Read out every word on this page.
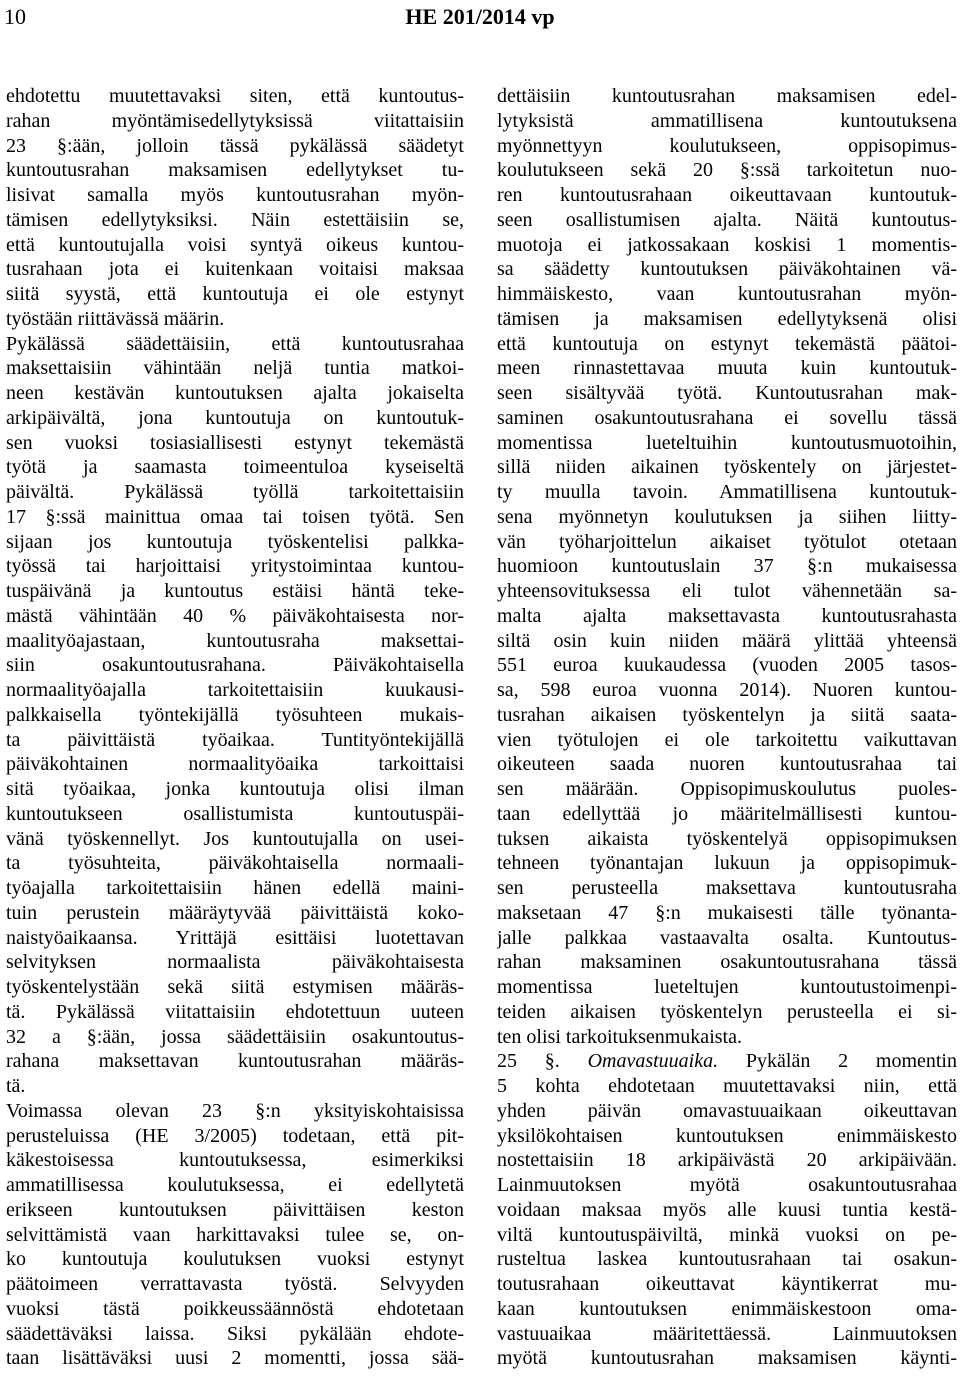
10	HE 201/2014 vp
ehdotettu muutettavaksi siten, että kuntoutus-
rahan myöntämisedellytyksissä viitattaisiin
23 §:ään, jolloin tässä pykälässä säädetyt
kuntoutusrahan maksamisen edellytykset tu-
lisivat samalla myös kuntoutusrahan myön-
tämisen edellytyksiksi. Näin estettäisiin se,
että kuntoutujalla voisi syntyä oikeus kuntou-
tusrahaan jota ei kuitenkaan voitaisi maksaa
siitä syystä, että kuntoutuja ei ole estynyt
työstään riittävässä määrin.
Pykälässä säädettäisiin, että kuntoutusrahaa
maksettaisiin vähintään neljä tuntia matkoi-
neen kestävän kuntoutuksen ajalta jokaiselta
arkipäivältä, jona kuntoutuja on kuntoutuk-
sen vuoksi tosiasiallisesti estynyt tekemästä
työtä ja saamasta toimeentuloa kyseiseltä
päivältä. Pykälässä työllä tarkoitettaisiin
17 §:ssä mainittua omaa tai toisen työtä. Sen
sijaan jos kuntoutuja työskentelisi palkka-
työssä tai harjoittaisi yritystoimintaa kuntou-
tuspäivänä ja kuntoutus estäisi häntä teke-
mästä vähintään 40 % päiväkohtaisesta nor-
maalityöajastaan, kuntoutusraha maksettai-
siin osakuntoutusrahana. Päiväkohtaisella
normaalityöajalla tarkoitettaisiin kuukausi-
palkkaisella työntekijällä työsuhteen mukais-
ta päivittäistä työaikaa. Tuntityöntekijällä
päiväkohtainen normaalityöaika tarkoittaisi
sitä työaikaa, jonka kuntoutuja olisi ilman
kuntoutukseen osallistumista kuntoutuspäi-
vänä työskennellyt. Jos kuntoutujalla on usei-
ta työsuhteita, päiväkohtaisella normaali-
työajalla tarkoitettaisiin hänen edellä maini-
tuin perustein määräytyvää päivittäistä koko-
naistyöaikaansa. Yrittäjä esittäisi luotettavan
selvityksen normaalista päiväkohtaisesta
työskentelystään sekä siitä estymisen määräs-
tä. Pykälässä viitattaisiin ehdotettuun uuteen
32 a §:ään, jossa säädettäisiin osakuntoutus-
rahana maksettavan kuntoutusrahan määräs-
tä.
Voimassa olevan 23 §:n yksityiskohtaisissa
perusteluissa (HE 3/2005) todetaan, että pit-
käkestoisessa kuntoutuksessa, esimerkiksi
ammatillisessa koulutuksessa, ei edellytetä
erikseen kuntoutuksen päivittäisen keston
selvittämistä vaan harkittavaksi tulee se, on-
ko kuntoutuja koulutuksen vuoksi estynyt
päätoimeen verrattavasta työstä. Selvyyden
vuoksi tästä poikkeussäännöstä ehdotetaan
säädettäväksi laissa. Siksi pykälään ehdote-
taan lisättäväksi uusi 2 momentti, jossa sää-
dettäisiin kuntoutusrahan maksamisen edel-
lytyksistä ammatillisena kuntoutuksena
myönnettyyn koulutukseen, oppisopimus-
koulutukseen sekä 20 §:ssä tarkoitetun nuo-
ren kuntoutusrahaan oikeuttavaan kuntoutuk-
seen osallistumisen ajalta. Näitä kuntoutus-
muotoja ei jatkossakaan koskisi 1 momentis-
sa säädetty kuntoutuksen päiväkohtainen vä-
himmäiskesto, vaan kuntoutusrahan myön-
tämisen ja maksamisen edellytyksenä olisi
että kuntoutuja on estynyt tekemästä päätoi-
meen rinnastettavaa muuta kuin kuntoutuk-
seen sisältyvää työtä. Kuntoutusrahan mak-
saminen osakuntoutusrahana ei sovellu tässä
momentissa lueteltuihin kuntoutusmuotoihin,
sillä niiden aikainen työskentely on järjestet-
ty muulla tavoin. Ammatillisena kuntoutuk-
sena myönnetyn koulutuksen ja siihen liitty-
vän työharjoittelun aikaiset työtulot otetaan
huomioon kuntoutuslain 37 §:n mukaisessa
yhteensovituksessa eli tulot vähennetään sa-
malta ajalta maksettavasta kuntoutusrahasta
siltä osin kuin niiden määrä ylittää yhteensä
551 euroa kuukaudessa (vuoden 2005 tasos-
sa, 598 euroa vuonna 2014). Nuoren kuntou-
tusrahan aikaisen työskentelyn ja siitä saata-
vien työtulojen ei ole tarkoitettu vaikuttavan
oikeuteen saada nuoren kuntoutusrahaa tai
sen määrään. Oppisopimuskoulutus puoles-
taan edellyttää jo määritelmällisesti kuntou-
tuksen aikaista työskentelyä oppisopimuksen
tehneen työnantajan lukuun ja oppisopimuk-
sen perusteella maksettava kuntoutusraha
maksetaan 47 §:n mukaisesti tälle työnanta-
jalle palkkaa vastaavalta osalta. Kuntoutus-
rahan maksaminen osakuntoutusrahana tässä
momentissa lueteltujen kuntoutustoimenpi-
teiden aikaisen työskentelyn perusteella ei si-
ten olisi tarkoituksenmukaista.
25 §. Omavastuuaika. Pykälän 2 momentin
5 kohta ehdotetaan muutettavaksi niin, että
yhden päivän omavastuuaikaan oikeuttavan
yksilökohtaisen kuntoutuksen enimmäiskesto
nostettaisiin 18 arkipäivästä 20 arkipäivään.
Lainmuutoksen myötä osakuntoutusrahaa
voidaan maksaa myös alle kuusi tuntia kestä-
viltä kuntoutuspäiviltä, minkä vuoksi on pe-
rusteltua laskea kuntoutusrahaan tai osakun-
toutusrahaan oikeuttavat käyntikerrat mu-
kaan kuntoutuksen enimmäiskestoon oma-
vastuuaikaa määritettäessä. Lainmuutoksen
myötä kuntoutusrahan maksamisen käynti-
